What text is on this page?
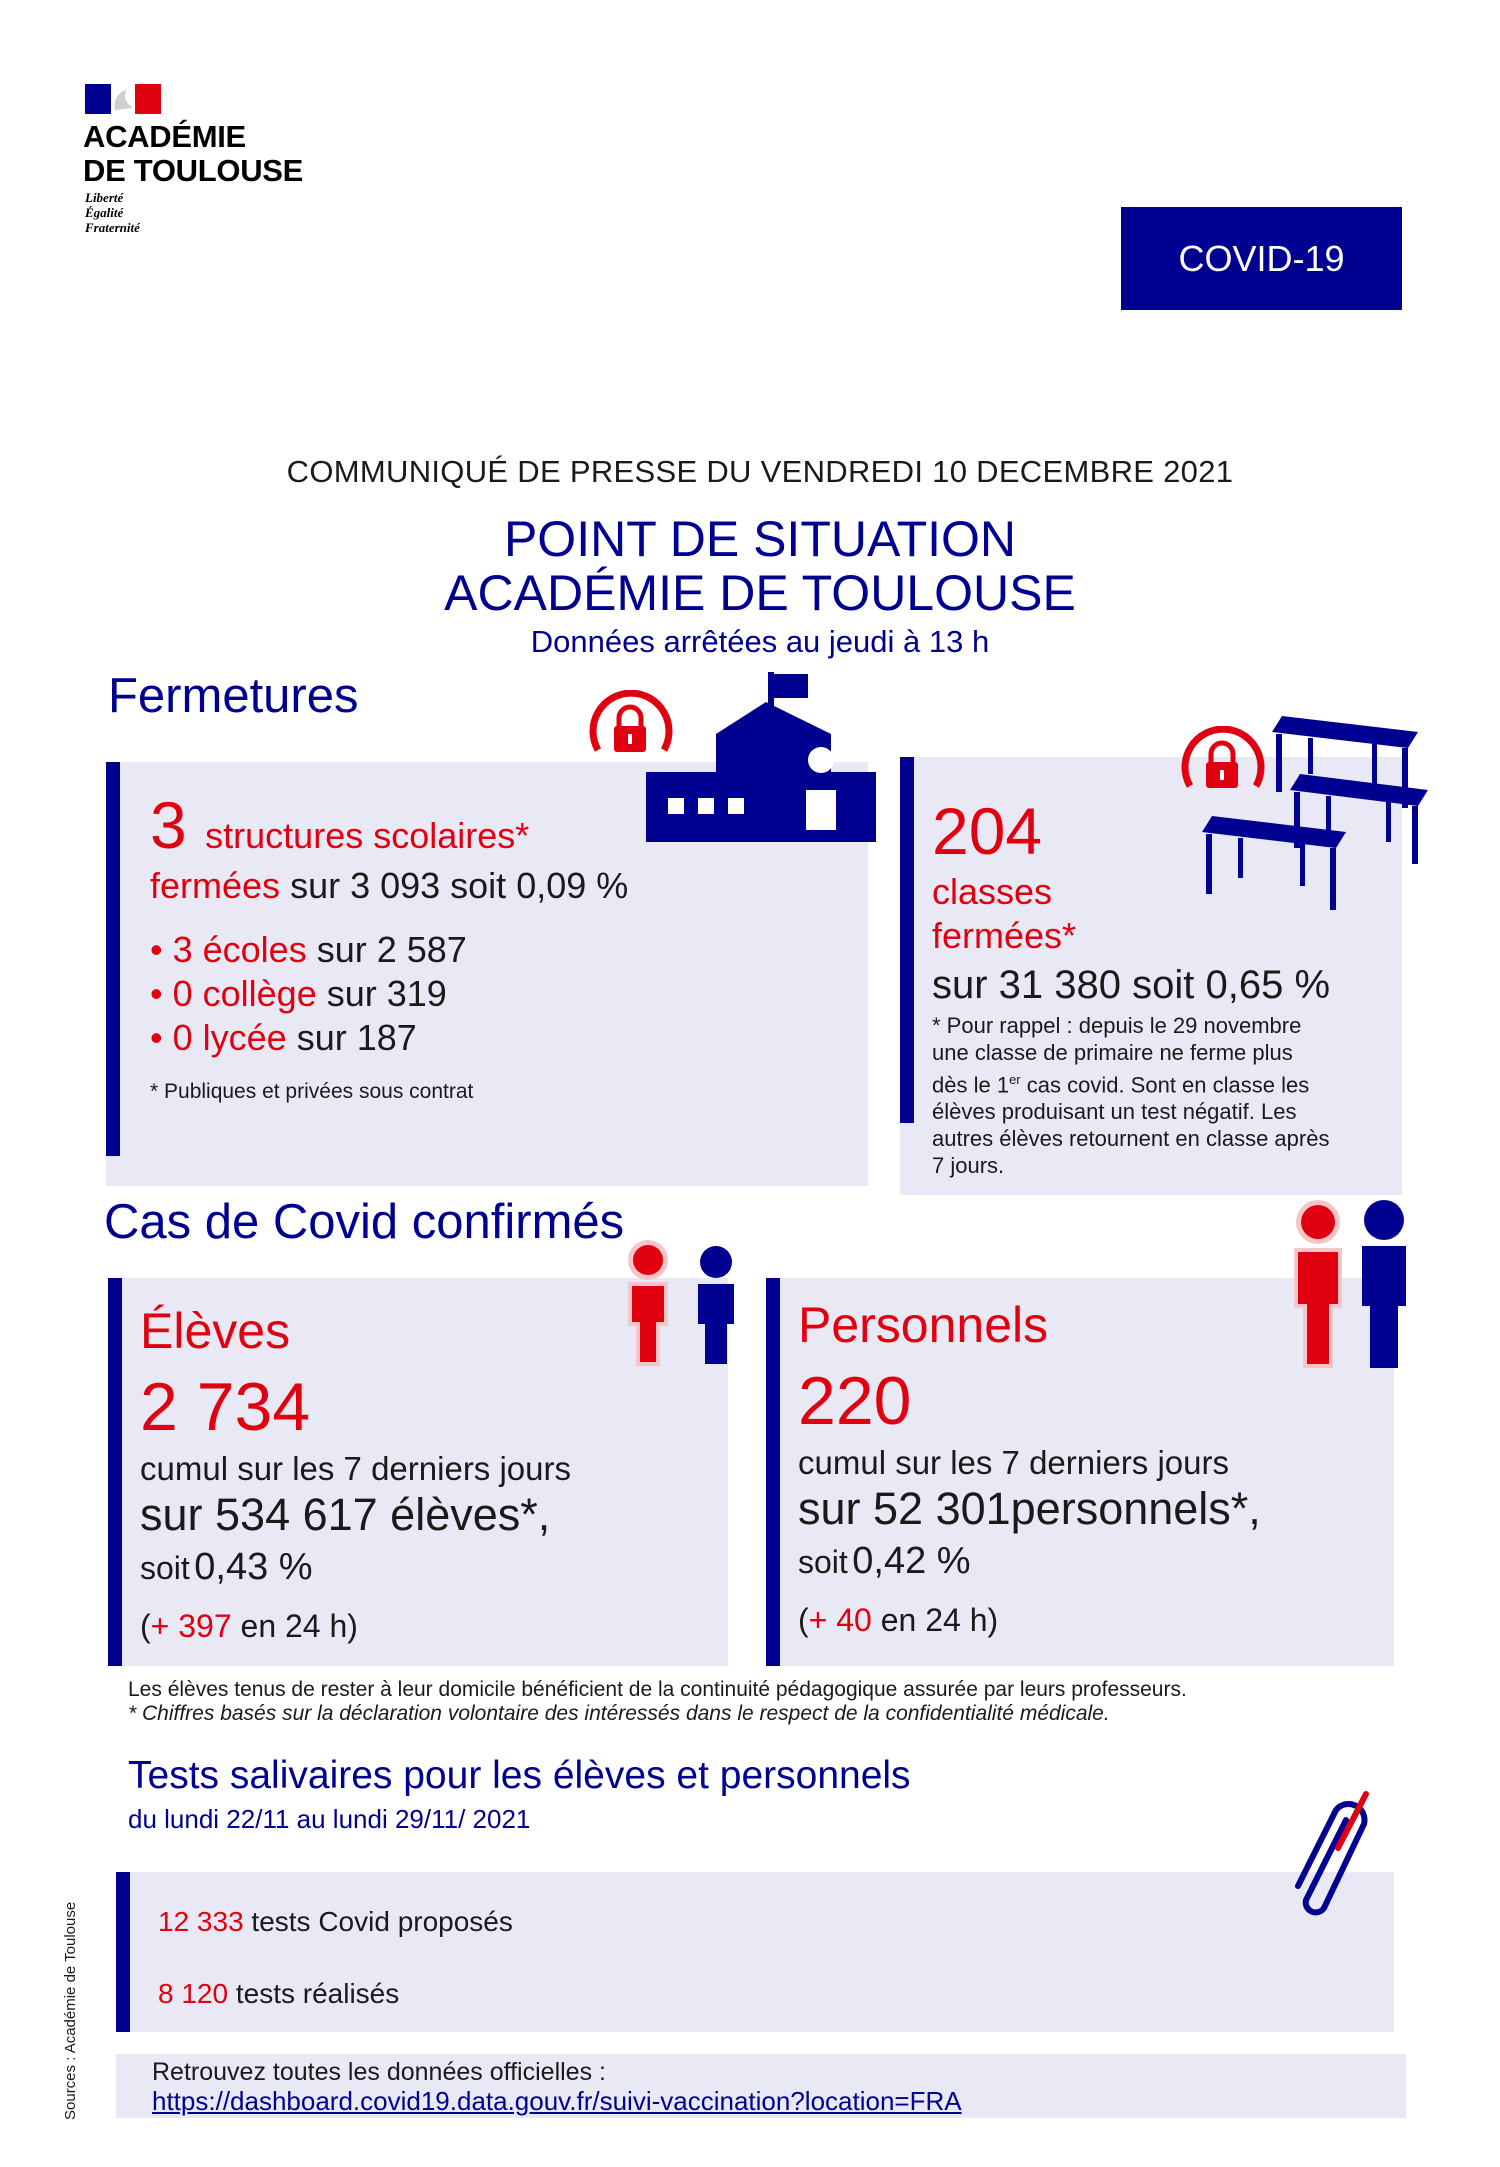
ACADÉMIE
DE TOULOUSE
Liberté
Égalité
Fraternité
COVID-19
COMMUNIQUÉ DE PRESSE DU VENDREDI 10 DECEMBRE 2021
POINT DE SITUATION
ACADÉMIE DE TOULOUSE
Données arrêtées au jeudi à 13 h
Fermetures
3 structures scolaires*
fermées sur 3 093 soit 0,09 %
• 3 écoles sur 2 587
• 0 collège sur 319
• 0 lycée sur 187
* Publiques et privées sous contrat
204
classes
fermées*
sur 31 380 soit 0,65 %
* Pour rappel : depuis le 29 novembre
une classe de primaire ne ferme plus
dès le 1er cas covid. Sont en classe les
élèves produisant un test négatif. Les
autres élèves retournent en classe après
7 jours.
Cas de Covid confirmés
Élèves
2 734
cumul sur les 7 derniers jours
sur 534 617 élèves*,
soit 0,43 %
(+ 397 en 24 h)
Personnels
220
cumul sur les 7 derniers jours
sur 52 301personnels*,
soit 0,42 %
(+ 40 en 24 h)
Les élèves tenus de rester à leur domicile bénéficient de la continuité pédagogique assurée par leurs professeurs.
* Chiffres basés sur la déclaration volontaire des intéressés dans le respect de la confidentialité médicale.
Tests salivaires pour les élèves et personnels
du lundi 22/11 au lundi 29/11/ 2021
12 333 tests Covid proposés
8 120 tests réalisés
Retrouvez toutes les données officielles :
https://dashboard.covid19.data.gouv.fr/suivi-vaccination?location=FRA
Sources : Académie de Toulouse
